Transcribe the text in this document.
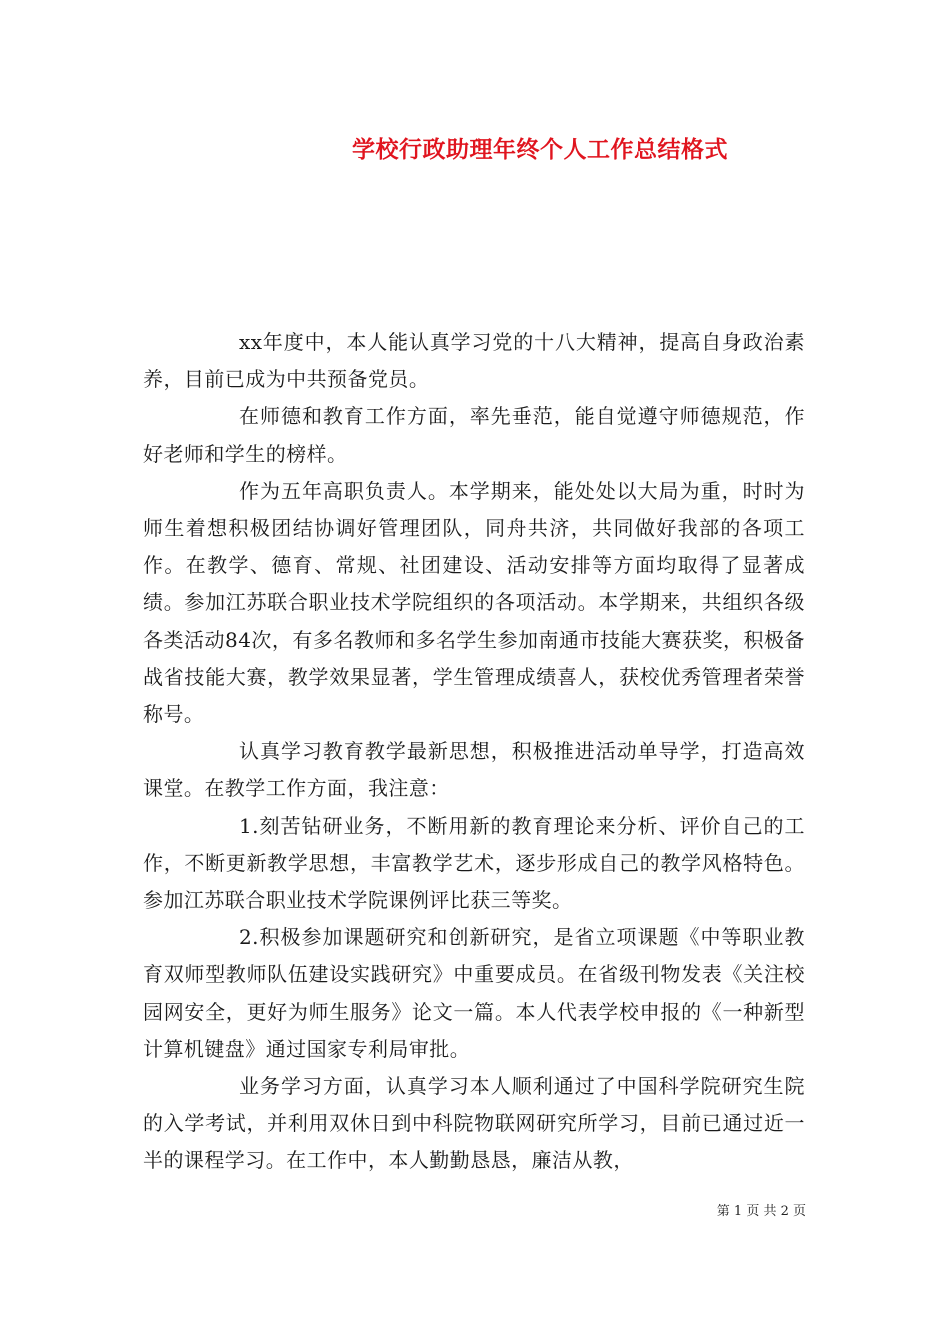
学校行政助理年终个人工作总结格式

xx年度中，本人能认真学习党的十八大精神，提高自身政治素养，目前已成为中共预备党员。

在师德和教育工作方面，率先垂范，能自觉遵守师德规范，作好老师和学生的榜样。

作为五年高职负责人。本学期来，能处处以大局为重，时时为师生着想积极团结协调好管理团队，同舟共济，共同做好我部的各项工作。在教学、德育、常规、社团建设、活动安排等方面均取得了显著成绩。参加江苏联合职业技术学院组织的各项活动。本学期来，共组织各级各类活动84次，有多名教师和多名学生参加南通市技能大赛获奖，积极备战省技能大赛，教学效果显著，学生管理成绩喜人，获校优秀管理者荣誉称号。

认真学习教育教学最新思想，积极推进活动单导学，打造高效课堂。在教学工作方面，我注意：

1.刻苦钻研业务，不断用新的教育理论来分析、评价自己的工作，不断更新教学思想，丰富教学艺术，逐步形成自己的教学风格特色。参加江苏联合职业技术学院课例评比获三等奖。

2.积极参加课题研究和创新研究，是省立项课题《中等职业教育双师型教师队伍建设实践研究》中重要成员。在省级刊物发表《关注校园网安全，更好为师生服务》论文一篇。本人代表学校申报的《一种新型计算机键盘》通过国家专利局审批。

业务学习方面，认真学习本人顺利通过了中国科学院研究生院的入学考试，并利用双休日到中科院物联网研究所学习，目前已通过近一半的课程学习。在工作中，本人勤勤恳恳，廉洁从教，

第 1 页 共 2 页
